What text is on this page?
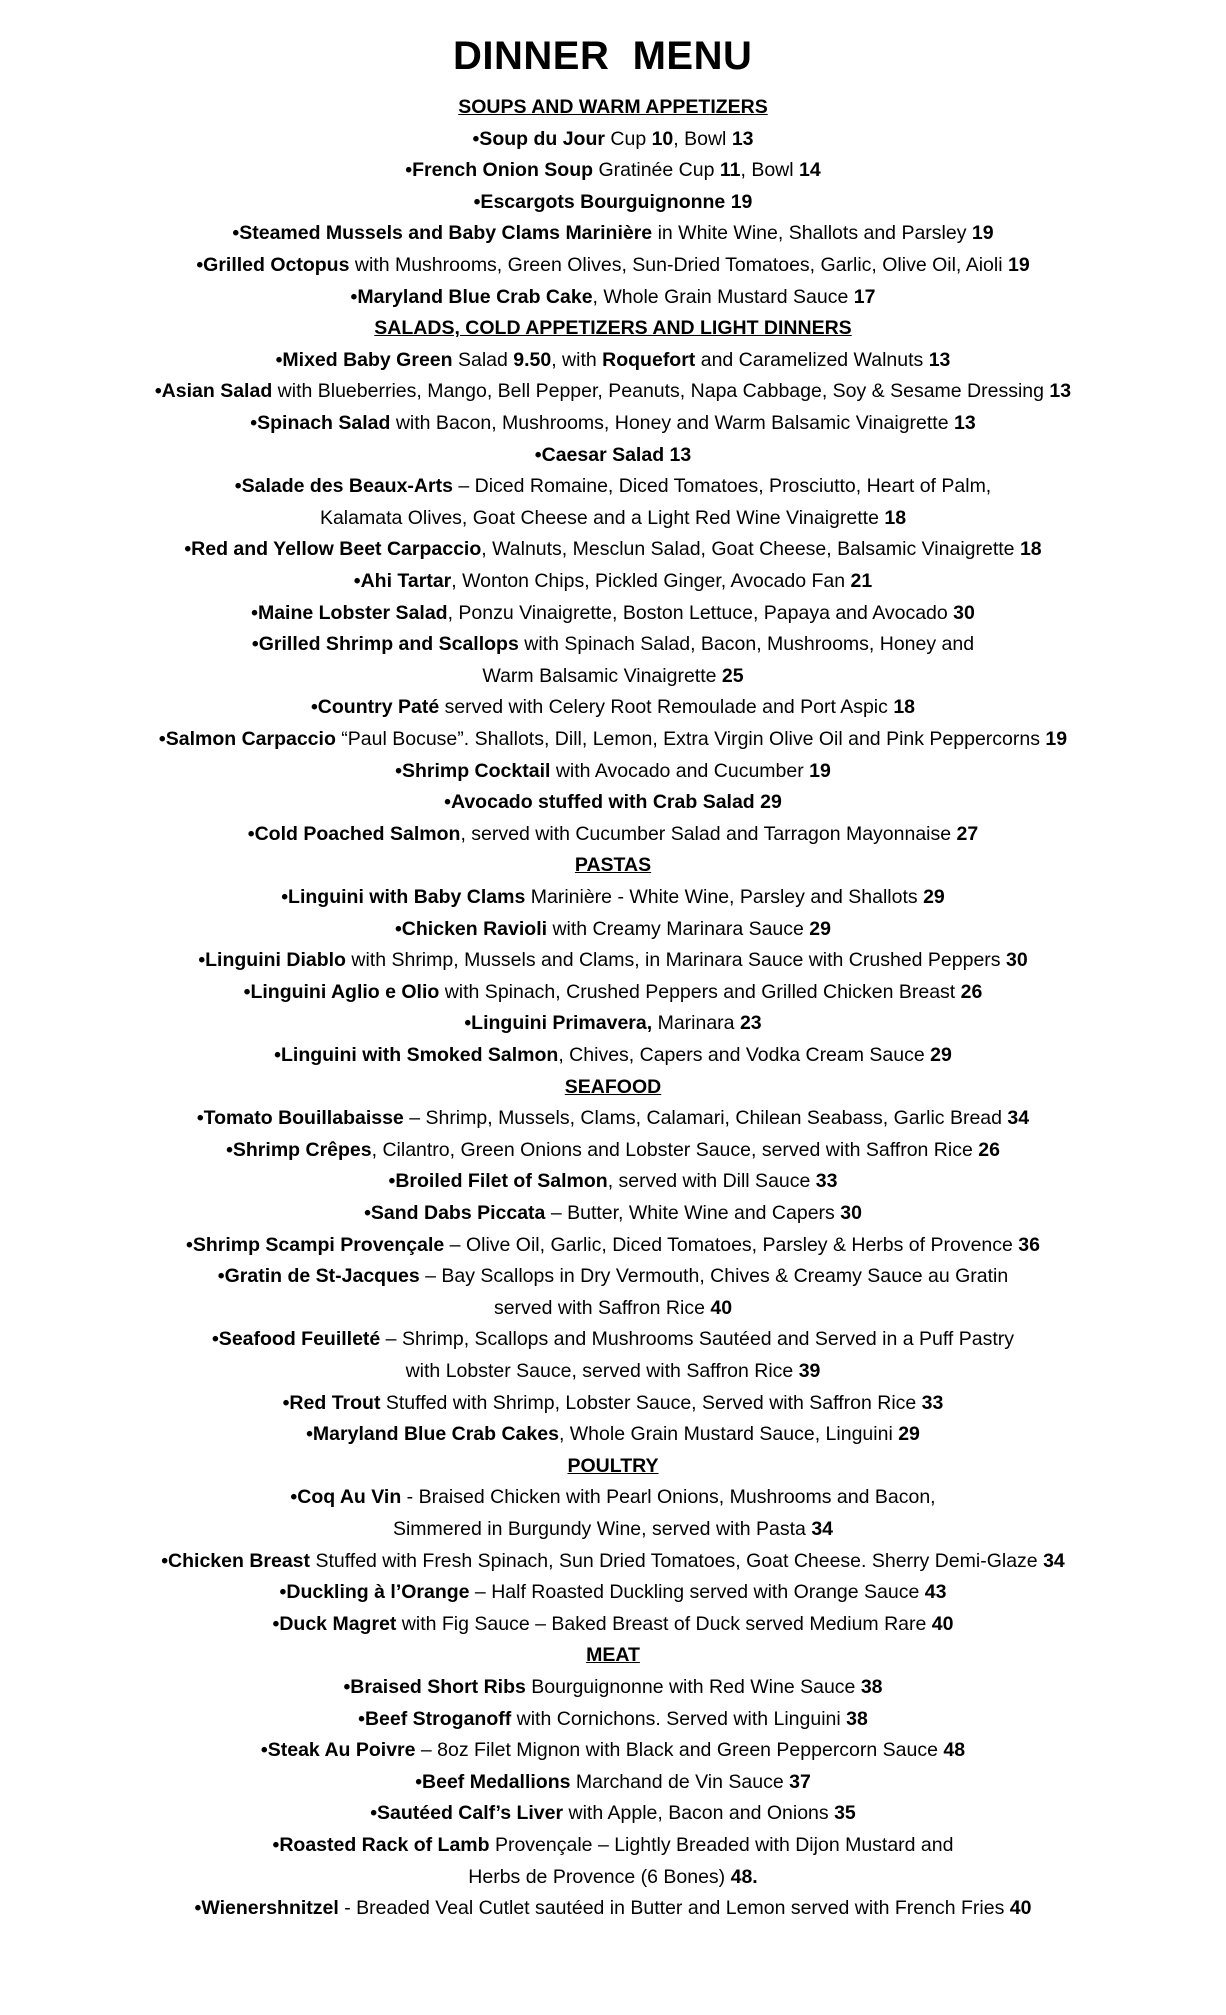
DINNER  MENU
SOUPS AND WARM APPETIZERS
•Soup du Jour Cup 10, Bowl 13
•French Onion Soup Gratinée Cup 11, Bowl 14
•Escargots Bourguignonne 19
•Steamed Mussels and Baby Clams Marinière in White Wine, Shallots and Parsley 19
•Grilled Octopus with Mushrooms, Green Olives, Sun-Dried Tomatoes, Garlic, Olive Oil, Aioli 19
•Maryland Blue Crab Cake, Whole Grain Mustard Sauce 17
SALADS, COLD APPETIZERS AND LIGHT DINNERS
•Mixed Baby Green Salad 9.50, with Roquefort and Caramelized Walnuts 13
•Asian Salad with Blueberries, Mango, Bell Pepper, Peanuts, Napa Cabbage, Soy & Sesame Dressing 13
•Spinach Salad with Bacon, Mushrooms, Honey and Warm Balsamic Vinaigrette 13
•Caesar Salad 13
•Salade des Beaux-Arts – Diced Romaine, Diced Tomatoes, Prosciutto, Heart of Palm,
Kalamata Olives, Goat Cheese and a Light Red Wine Vinaigrette 18
•Red and Yellow Beet Carpaccio, Walnuts, Mesclun Salad, Goat Cheese, Balsamic Vinaigrette 18
•Ahi Tartar, Wonton Chips, Pickled Ginger, Avocado Fan 21
•Maine Lobster Salad, Ponzu Vinaigrette, Boston Lettuce, Papaya and Avocado 30
•Grilled Shrimp and Scallops with Spinach Salad, Bacon, Mushrooms, Honey and
Warm Balsamic Vinaigrette 25
•Country Paté served with Celery Root Remoulade and Port Aspic 18
•Salmon Carpaccio “Paul Bocuse”. Shallots, Dill, Lemon, Extra Virgin Olive Oil and Pink Peppercorns 19
•Shrimp Cocktail with Avocado and Cucumber 19
•Avocado stuffed with Crab Salad 29
•Cold Poached Salmon, served with Cucumber Salad and Tarragon Mayonnaise 27
PASTAS
•Linguini with Baby Clams Marinière - White Wine, Parsley and Shallots 29
•Chicken Ravioli with Creamy Marinara Sauce 29
•Linguini Diablo with Shrimp, Mussels and Clams, in Marinara Sauce with Crushed Peppers 30
•Linguini Aglio e Olio with Spinach, Crushed Peppers and Grilled Chicken Breast 26
•Linguini Primavera, Marinara 23
•Linguini with Smoked Salmon, Chives, Capers and Vodka Cream Sauce 29
SEAFOOD
•Tomato Bouillabaisse – Shrimp, Mussels, Clams, Calamari, Chilean Seabass, Garlic Bread 34
•Shrimp Crêpes, Cilantro, Green Onions and Lobster Sauce, served with Saffron Rice 26
•Broiled Filet of Salmon, served with Dill Sauce 33
•Sand Dabs Piccata – Butter, White Wine and Capers 30
•Shrimp Scampi Provençale – Olive Oil, Garlic, Diced Tomatoes, Parsley & Herbs of Provence 36
•Gratin de St-Jacques – Bay Scallops in Dry Vermouth, Chives & Creamy Sauce au Gratin
served with Saffron Rice 40
•Seafood Feuilleté – Shrimp, Scallops and Mushrooms Sautéed and Served in a Puff Pastry
with Lobster Sauce, served with Saffron Rice 39
•Red Trout Stuffed with Shrimp, Lobster Sauce, Served with Saffron Rice 33
•Maryland Blue Crab Cakes, Whole Grain Mustard Sauce, Linguini 29
POULTRY
•Coq Au Vin - Braised Chicken with Pearl Onions, Mushrooms and Bacon,
Simmered in Burgundy Wine, served with Pasta 34
•Chicken Breast Stuffed with Fresh Spinach, Sun Dried Tomatoes, Goat Cheese. Sherry Demi-Glaze 34
•Duckling à l’Orange – Half Roasted Duckling served with Orange Sauce 43
•Duck Magret with Fig Sauce – Baked Breast of Duck served Medium Rare 40
MEAT
•Braised Short Ribs Bourguignonne with Red Wine Sauce 38
•Beef Stroganoff with Cornichons. Served with Linguini 38
•Steak Au Poivre – 8oz Filet Mignon with Black and Green Peppercorn Sauce 48
•Beef Medallions Marchand de Vin Sauce 37
•Sautéed Calf’s Liver with Apple, Bacon and Onions 35
•Roasted Rack of Lamb Provençale – Lightly Breaded with Dijon Mustard and
Herbs de Provence (6 Bones) 48.
•Wienershnitzel - Breaded Veal Cutlet sautéed in Butter and Lemon served with French Fries 40
